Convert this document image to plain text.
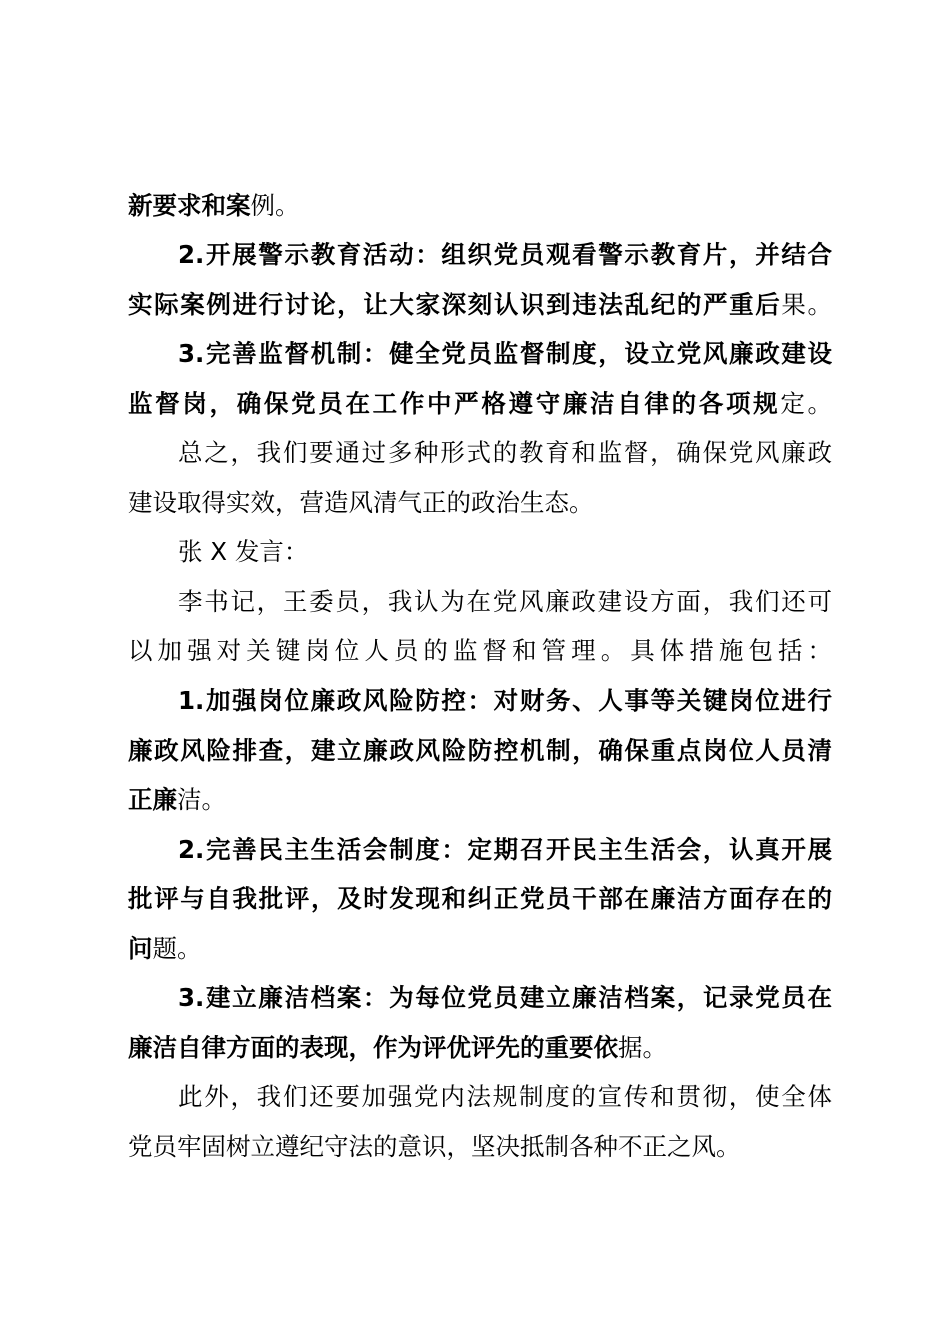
新要求和案例。
2.开展警示教育活动：组织党员观看警示教育片，并结合
实际案例进行讨论，让大家深刻认识到违法乱纪的严重后果。
3.完善监督机制：健全党员监督制度，设立党风廉政建设
监督岗，确保党员在工作中严格遵守廉洁自律的各项规定。
总之，我们要通过多种形式的教育和监督，确保党风廉政
建设取得实效，营造风清气正的政治生态。
张 X 发言：
李书记，王委员，我认为在党风廉政建设方面，我们还可
以加强对关键岗位人员的监督和管理。具体措施包括：
1.加强岗位廉政风险防控：对财务、人事等关键岗位进行
廉政风险排查，建立廉政风险防控机制，确保重点岗位人员清
正廉洁。
2.完善民主生活会制度：定期召开民主生活会，认真开展
批评与自我批评，及时发现和纠正党员干部在廉洁方面存在的
问题。
3.建立廉洁档案：为每位党员建立廉洁档案，记录党员在
廉洁自律方面的表现，作为评优评先的重要依据。
此外，我们还要加强党内法规制度的宣传和贯彻，使全体
党员牢固树立遵纪守法的意识，坚决抵制各种不正之风。
